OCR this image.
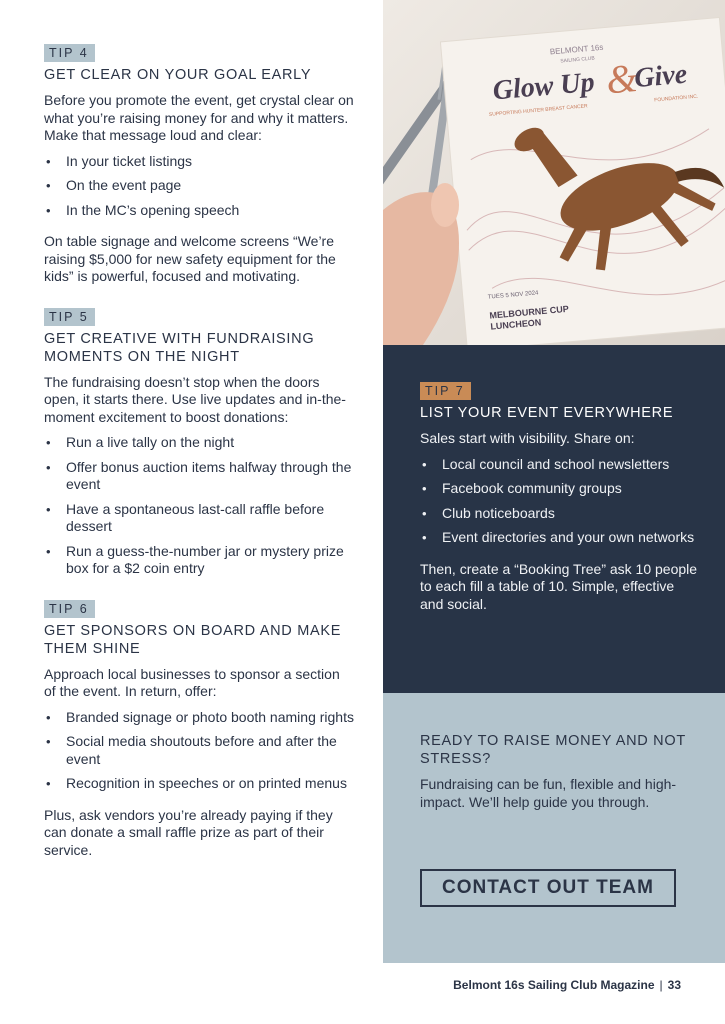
TIP 4
GET CLEAR ON YOUR GOAL EARLY

Before you promote the event, get crystal clear on what you’re raising money for and why it matters. Make that message loud and clear:

• In your ticket listings
• On the event page
• In the MC’s opening speech

On table signage and welcome screens “We’re raising $5,000 for new safety equipment for the kids” is powerful, focused and motivating.

TIP 5
GET CREATIVE WITH FUNDRAISING MOMENTS ON THE NIGHT

The fundraising doesn’t stop when the doors open, it starts there. Use live updates and in-the-moment excitement to boost donations:

• Run a live tally on the night
• Offer bonus auction items halfway through the event
• Have a spontaneous last-call raffle before dessert
• Run a guess-the-number jar or mystery prize box for a $2 coin entry
TIP 6
GET SPONSORS ON BOARD AND MAKE THEM SHINE

Approach local businesses to sponsor a section of the event. In return, offer:

• Branded signage or photo booth naming rights
• Social media shoutouts before and after the event
• Recognition in speeches or on printed menus

Plus, ask vendors you’re already paying if they can donate a small raffle prize as part of their service.

BELMONT 16s
SAILING CLUB
Glow Up &
Give
SUPPORTING HUNTER BREAST CANCER
FOUNDATION INC.
TUES 5 NOV 2024
MELBOURNE CUP
LUNCHEON
TIP 7
LIST YOUR EVENT EVERYWHERE

Sales start with visibility. Share on:

• Local council and school newsletters
• Facebook community groups
• Club noticeboards
• Event directories and your own networks

Then, create a “Booking Tree” ask 10 people to each fill a table of 10. Simple, effective and social.

READY TO RAISE MONEY AND NOT STRESS?

Fundraising can be fun, flexible and high-impact. We’ll help guide you through.

CONTACT OUT TEAM
Belmont 16s Sailing Club Magazine | 33
